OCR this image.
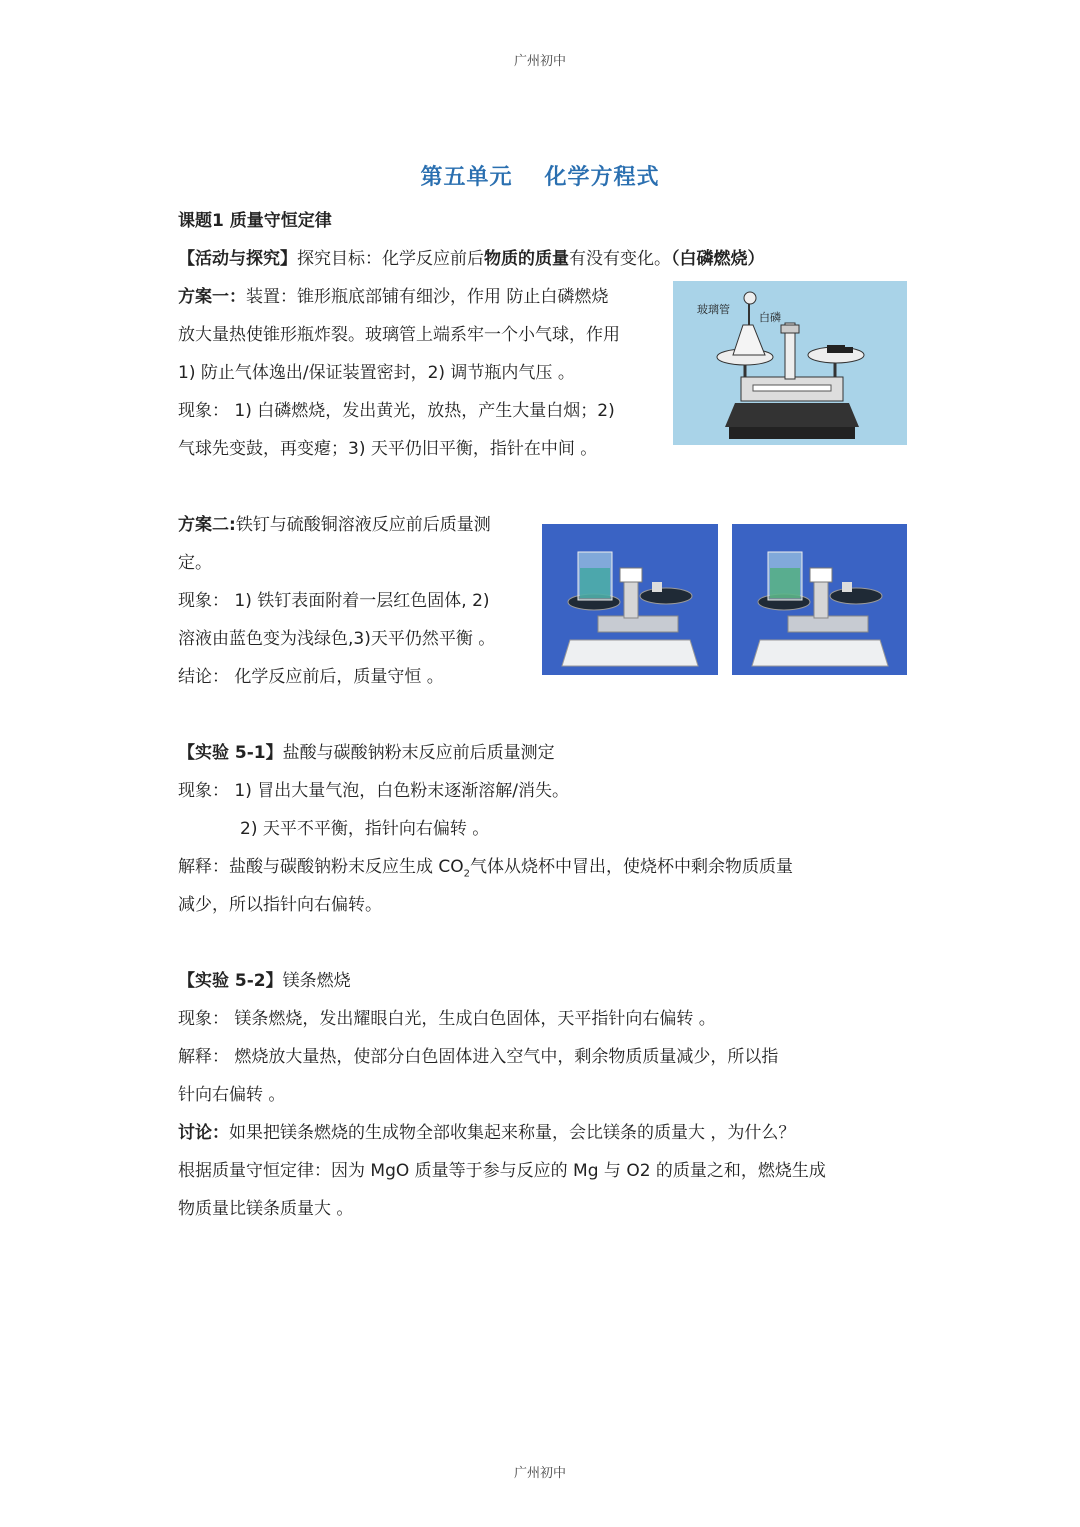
广州初中
第五单元 化学方程式
课题1 质量守恒定律
【活动与探究】探究目标：化学反应前后物质的质量有没有变化。（白磷燃烧）
方案一：装置：锥形瓶底部铺有细沙，作用 防止白磷燃烧
放大量热使锥形瓶炸裂。玻璃管上端系牢一个小气球，作用
1) 防止气体逸出/保证装置密封，2) 调节瓶内气压 。
现象： 1) 白磷燃烧，发出黄光，放热，产生大量白烟；2)
气球先变鼓，再变瘪；3) 天平仍旧平衡，指针在中间 。
玻璃管
白磷
方案二:铁钉与硫酸铜溶液反应前后质量测
定。
现象： 1) 铁钉表面附着一层红色固体, 2)
溶液由蓝色变为浅绿色,3)天平仍然平衡 。
结论： 化学反应前后，质量守恒 。
【实验 5-1】盐酸与碳酸钠粉末反应前后质量测定
现象： 1) 冒出大量气泡，白色粉末逐渐溶解/消失。
2) 天平不平衡，指针向右偏转 。
解释：盐酸与碳酸钠粉末反应生成 $CO_2$气体从烧杯中冒出，使烧杯中剩余物质质量
减少，所以指针向右偏转。
【实验 5-2】镁条燃烧
现象： 镁条燃烧，发出耀眼白光，生成白色固体，天平指针向右偏转 。
解释： 燃烧放大量热，使部分白色固体进入空气中，剩余物质质量减少，所以指
针向右偏转 。
讨论：如果把镁条燃烧的生成物全部收集起来称量，会比镁条的质量大 ，为什么？
根据质量守恒定律：因为 MgO 质量等于参与反应的 Mg 与 O2 的质量之和，燃烧生成
物质量比镁条质量大 。
广州初中
